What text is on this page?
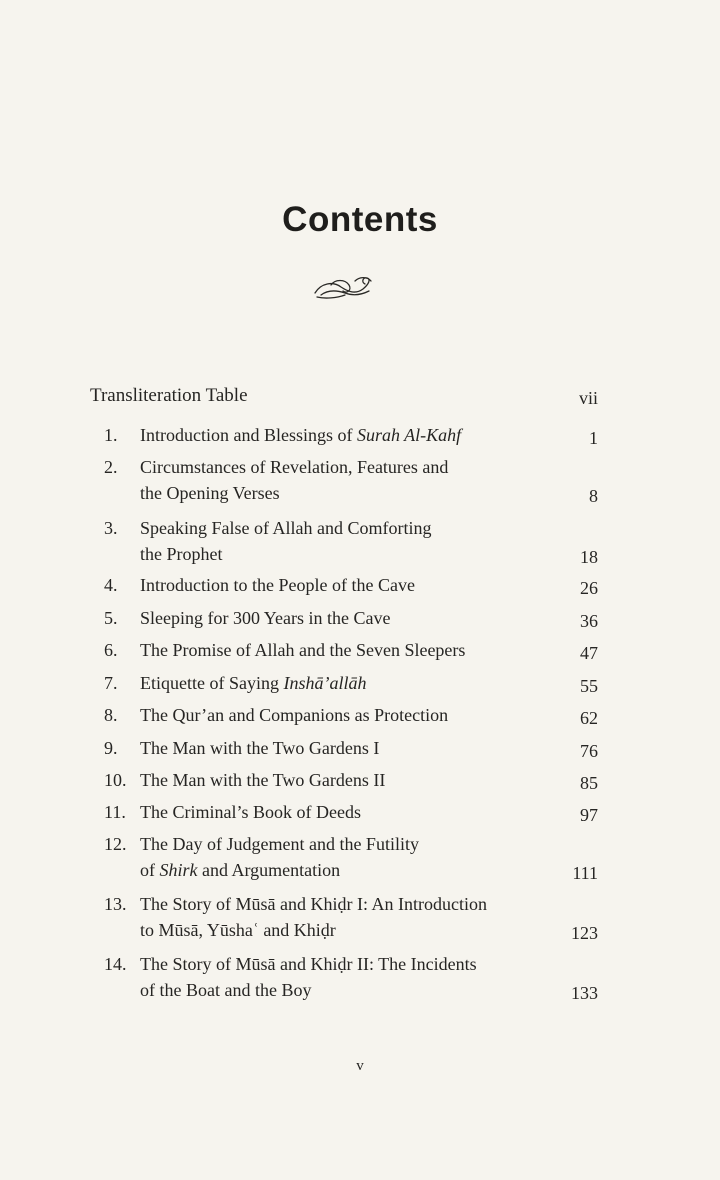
Contents
Transliteration Table	vii
1.	Introduction and Blessings of Surah Al-Kahf	1
2.	Circumstances of Revelation, Features and
the Opening Verses	8
3.	Speaking False of Allah and Comforting
the Prophet	18
4.	Introduction to the People of the Cave	26
5.	Sleeping for 300 Years in the Cave	36
6.	The Promise of Allah and the Seven Sleepers	47
7.	Etiquette of Saying Inshā’allāh	55
8.	The Qur’an and Companions as Protection	62
9.	The Man with the Two Gardens I	76
10. The Man with the Two Gardens II	85
11. The Criminal’s Book of Deeds	97
12. The Day of Judgement and the Futility
of Shirk and Argumentation	111
13. The Story of Mūsā and Khiḍr I: An Introduction
to Mūsā, Yūshaʿ and Khiḍr	123
14. The Story of Mūsā and Khiḍr II: The Incidents
of the Boat and the Boy	133
v
